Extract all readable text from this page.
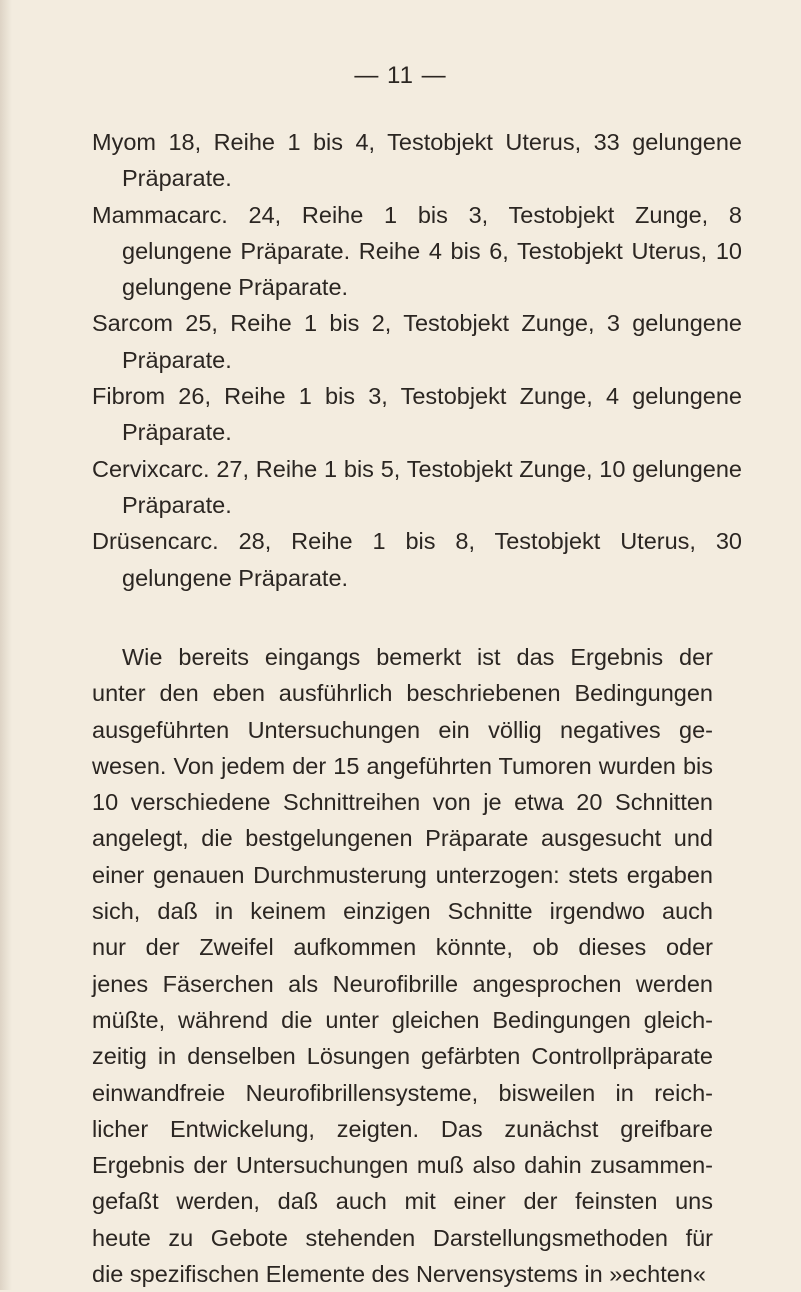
— 11 —

Myom 18, Reihe 1 bis 4, Testobjekt Uterus, 33 gelungene Präparate.

Mammacarc. 24, Reihe 1 bis 3, Testobjekt Zunge, 8 gelungene Präparate. Reihe 4 bis 6, Testobjekt Uterus, 10 gelungene Präparate.

Sarcom 25, Reihe 1 bis 2, Testobjekt Zunge, 3 gelungene Präparate.

Fibrom 26, Reihe 1 bis 3, Testobjekt Zunge, 4 gelungene Präparate.

Cervixcarc. 27, Reihe 1 bis 5, Testobjekt Zunge, 10 gelungene Präparate.

Drüsencarc. 28, Reihe 1 bis 8, Testobjekt Uterus, 30 gelungene Präparate.

Wie bereits eingangs bemerkt ist das Ergebnis der
unter den eben ausführlich beschriebenen Bedingungen
ausgeführten Untersuchungen ein völlig negatives ge-
wesen. Von jedem der 15 angeführten Tumoren wurden bis
10 verschiedene Schnittreihen von je etwa 20 Schnitten
angelegt, die bestgelungenen Präparate ausgesucht und
einer genauen Durchmusterung unterzogen: stets ergaben
sich, daß in keinem einzigen Schnitte irgendwo auch
nur der Zweifel aufkommen könnte, ob dieses oder
jenes Fäserchen als Neurofibrille angesprochen werden
müßte, während die unter gleichen Bedingungen gleich-
zeitig in denselben Lösungen gefärbten Controllpräparate
einwandfreie Neurofibrillensysteme, bisweilen in reich-
licher Entwickelung, zeigten. Das zunächst greifbare
Ergebnis der Untersuchungen muß also dahin zusammen-
gefaßt werden, daß auch mit einer der feinsten uns
heute zu Gebote stehenden Darstellungsmethoden für
die spezifischen Elemente des Nervensystems in »echten«
